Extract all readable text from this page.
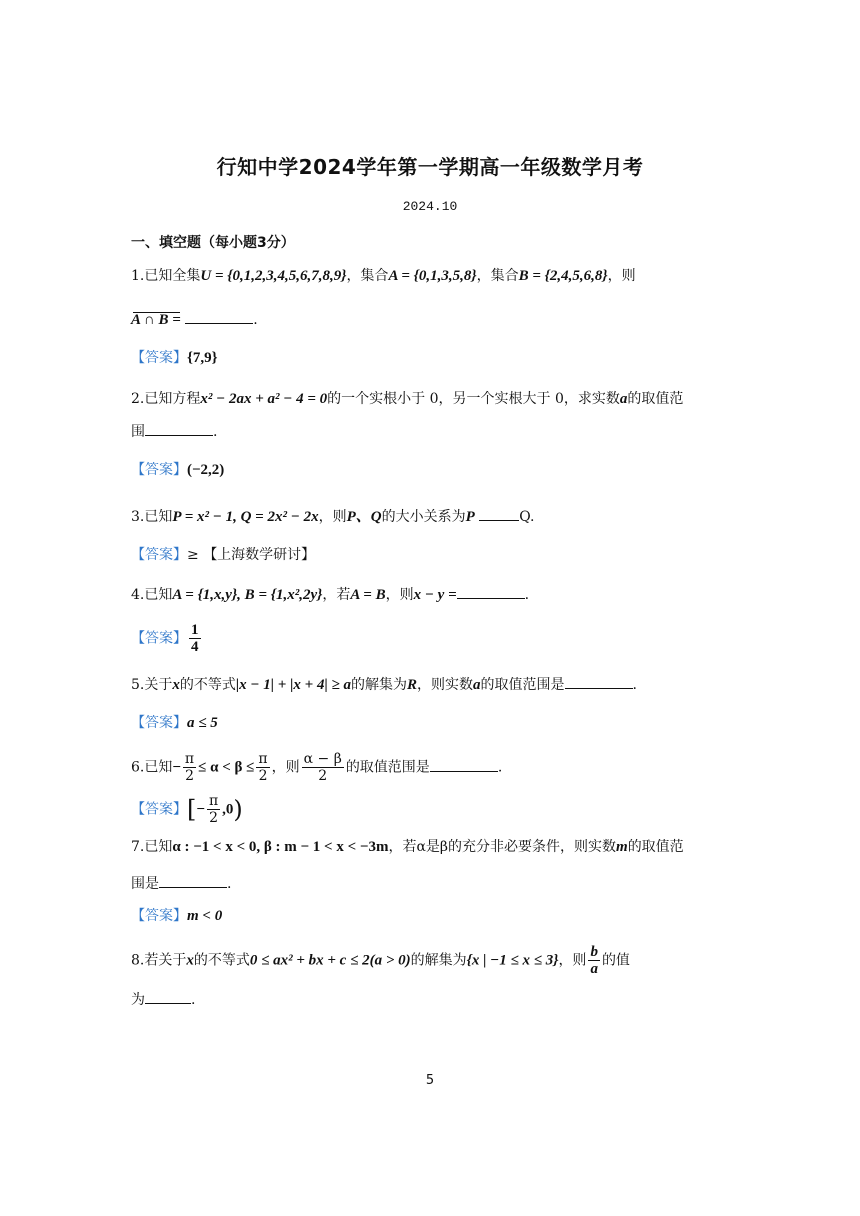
行知中学2024学年第一学期高一年级数学月考
2024.10
一、填空题（每小题3分）
1.已知全集U = {0,1,2,3,4,5,6,7,8,9}，集合A = {0,1,3,5,8}，集合B = {2,4,5,6,8}，则
A ∩ B =	.
【答案】{7,9}
2.已知方程x² − 2ax + a² − 4 = 0的一个实根小于 0，另一个实根大于 0，求实数a的取值范
围	.
【答案】(−2,2)
3.已知P = x² − 1, Q = 2x² − 2x，则P、Q的大小关系为P	Q.
【答案】≥ 【上海数学研讨】
4.已知A = {1,x,y}, B = {1,x²,2y}，若A = B，则x − y =	.
【答案】 $\frac{1}{4}$
5.关于x的不等式|x − 1| + |x + 4| ≥ a的解集为R，则实数a的取值范围是	.
【答案】a ≤ 5
6.已知− $\frac{\pi}{2} \le \alpha < \beta \le \frac{\pi}{2}$ ，则 $\frac{\alpha - \beta}{2}$ 的取值范围是	.
【答案】[− $\frac{\pi}{2} ,0$)
7.已知α : −1 < x < 0, β : m − 1 < x < −3m，若α是β的充分非必要条件，则实数m的取值范
围是	.
【答案】m < 0
8.若关于x的不等式0 ≤ ax² + bx + c ≤ 2(a > 0)的解集为{x | −1 ≤ x ≤ 3}，则 $\frac{b}{a}$ 的值
为	.
5
